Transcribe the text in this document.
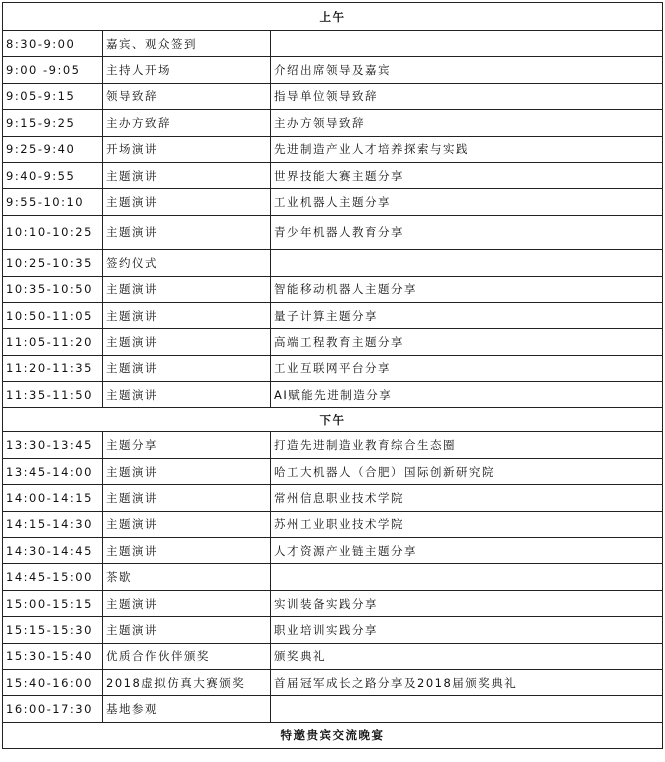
上午		
8:30-9:00	嘉宾、观众签到	
9:00 -9:05	主持人开场	介绍出席领导及嘉宾
9:05-9:15	领导致辞	指导单位领导致辞
9:15-9:25	主办方致辞	主办方领导致辞
9:25-9:40	开场演讲	先进制造产业人才培养探索与实践
9:40-9:55	主题演讲	世界技能大赛主题分享
9:55-10:10	主题演讲	工业机器人主题分享
10:10-10:25	主题演讲	青少年机器人教育分享
10:25-10:35	签约仪式	
10:35-10:50	主题演讲	智能移动机器人主题分享
10:50-11:05	主题演讲	量子计算主题分享
11:05-11:20	主题演讲	高端工程教育主题分享
11:20-11:35	主题演讲	工业互联网平台分享
11:35-11:50	主题演讲	AI赋能先进制造分享
下午		
13:30-13:45	主题分享	打造先进制造业教育综合生态圈
13:45-14:00	主题演讲	哈工大机器人（合肥）国际创新研究院
14:00-14:15	主题演讲	常州信息职业技术学院
14:15-14:30	主题演讲	苏州工业职业技术学院
14:30-14:45	主题演讲	人才资源产业链主题分享
14:45-15:00	茶歇	
15:00-15:15	主题演讲	实训装备实践分享
15:15-15:30	主题演讲	职业培训实践分享
15:30-15:40	优质合作伙伴颁奖	颁奖典礼
15:40-16:00	2018虚拟仿真大赛颁奖	首届冠军成长之路分享及2018届颁奖典礼
16:00-17:30	基地参观	
特邀贵宾交流晚宴		
